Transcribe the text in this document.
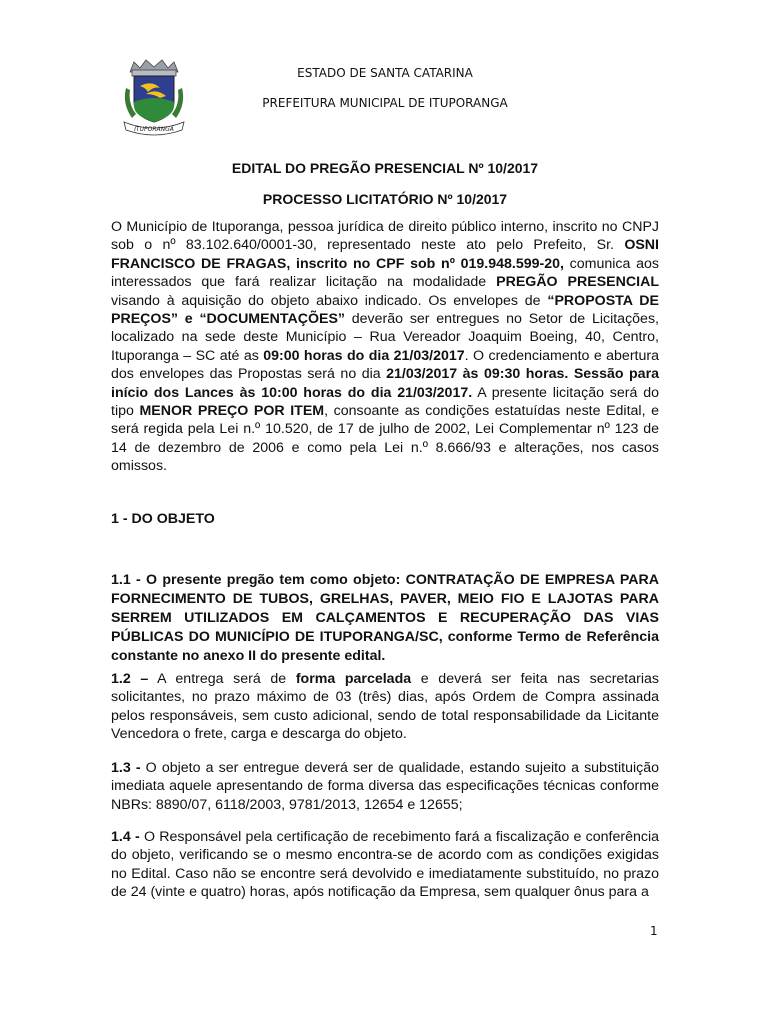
ITUPORANGA
ESTADO DE SANTA CATARINA
PREFEITURA MUNICIPAL DE ITUPORANGA
EDITAL DO PREGÃO PRESENCIAL Nº 10/2017
PROCESSO LICITATÓRIO Nº 10/2017
O Município de Ituporanga, pessoa jurídica de direito público interno, inscrito no CNPJ sob o nº 83.102.640/0001-30, representado neste ato pelo Prefeito, Sr. OSNI FRANCISCO DE FRAGAS, inscrito no CPF sob nº 019.948.599-20, comunica aos interessados que fará realizar licitação na modalidade PREGÃO PRESENCIAL visando à aquisição do objeto abaixo indicado. Os envelopes de “PROPOSTA DE PREÇOS” e “DOCUMENTAÇÕES” deverão ser entregues no Setor de Licitações, localizado na sede deste Município – Rua Vereador Joaquim Boeing, 40, Centro, Ituporanga – SC até as 09:00 horas do dia 21/03/2017. O credenciamento e abertura dos envelopes das Propostas será no dia 21/03/2017 às 09:30 horas. Sessão para início dos Lances às 10:00 horas do dia 21/03/2017. A presente licitação será do tipo MENOR PREÇO POR ITEM, consoante as condições estatuídas neste Edital, e será regida pela Lei n.º 10.520, de 17 de julho de 2002, Lei Complementar nº 123 de 14 de dezembro de 2006 e como pela Lei n.º 8.666/93 e alterações, nos casos omissos.
1 - DO OBJETO
1.1 - O presente pregão tem como objeto: CONTRATAÇÃO DE EMPRESA PARA FORNECIMENTO DE TUBOS, GRELHAS, PAVER, MEIO FIO E LAJOTAS PARA SERREM UTILIZADOS EM CALÇAMENTOS E RECUPERAÇÃO DAS VIAS PÚBLICAS DO MUNICÍPIO DE ITUPORANGA/SC, conforme Termo de Referência constante no anexo II do presente edital.
1.2 – A entrega será de forma parcelada e deverá ser feita nas secretarias solicitantes, no prazo máximo de 03 (três) dias, após Ordem de Compra assinada pelos responsáveis, sem custo adicional, sendo de total responsabilidade da Licitante Vencedora o frete, carga e descarga do objeto.
1.3 - O objeto a ser entregue deverá ser de qualidade, estando sujeito a substituição imediata aquele apresentando de forma diversa das especificações técnicas conforme NBRs: 8890/07, 6118/2003, 9781/2013, 12654 e 12655;
1.4 - O Responsável pela certificação de recebimento fará a fiscalização e conferência do objeto, verificando se o mesmo encontra-se de acordo com as condições exigidas no Edital. Caso não se encontre será devolvido e imediatamente substituído, no prazo de 24 (vinte e quatro) horas, após notificação da Empresa, sem qualquer ônus para a
1
